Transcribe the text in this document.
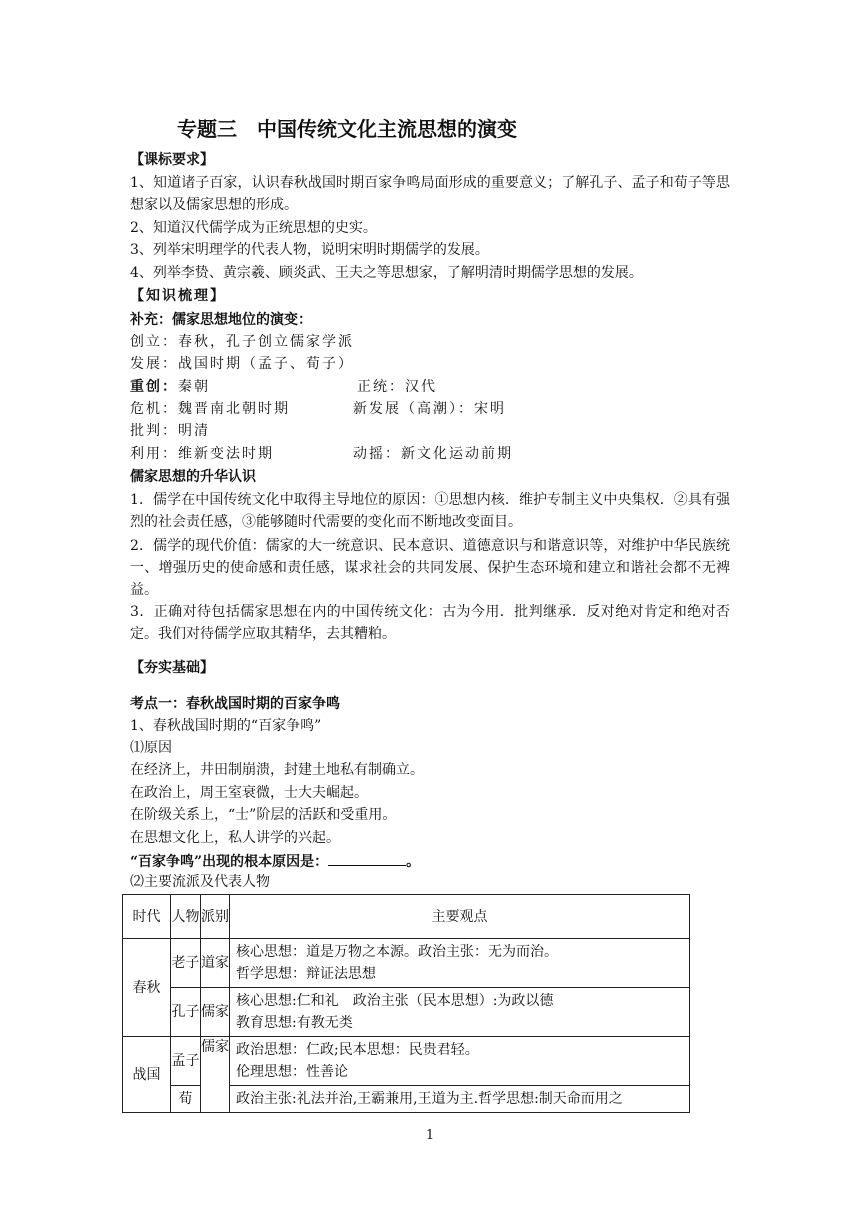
专题三　中国传统文化主流思想的演变
【课标要求】
1、知道诸子百家，认识春秋战国时期百家争鸣局面形成的重要意义；了解孔子、孟子和荀子等思想家以及儒家思想的形成。
2、知道汉代儒学成为正统思想的史实。
3、列举宋明理学的代表人物，说明宋明时期儒学的发展。
4、列举李贽、黄宗羲、顾炎武、王夫之等思想家，了解明清时期儒学思想的发展。
【知识梳理】
补充：儒家思想地位的演变：
创立：春秋，孔子创立儒家学派
发展：战国时期（孟子、荀子）
重创：秦朝	正统：汉代
危机：魏晋南北朝时期	新发展（高潮）：宋明
批判：明清
利用：维新变法时期	动摇：新文化运动前期
儒家思想的升华认识
1．儒学在中国传统文化中取得主导地位的原因：①思想内核．维护专制主义中央集权．②具有强烈的社会责任感，③能够随时代需要的变化而不断地改变面目。
2．儒学的现代价值：儒家的大一统意识、民本意识、道德意识与和谐意识等，对维护中华民族统一、增强历史的使命感和责任感，谋求社会的共同发展、保护生态环境和建立和谐社会都不无裨益。
3．正确对待包括儒家思想在内的中国传统文化：古为今用．批判继承．反对绝对肯定和绝对否定。我们对待儒学应取其精华，去其糟粕。
【夯实基础】
考点一：春秋战国时期的百家争鸣
1、春秋战国时期的“百家争鸣”
⑴原因
在经济上，井田制崩溃，封建土地私有制确立。
在政治上，周王室衰微，士大夫崛起。
在阶级关系上，“士”阶层的活跃和受重用。
在思想文化上，私人讲学的兴起。
“百家争鸣”出现的根本原因是：	。
⑵主要流派及代表人物
时代	人物	派别	主要观点
春秋	老子	道家	核心思想：道是万物之本源。政治主张：无为而治。
哲学思想：辩证法思想

	孔子	儒家	核心思想:仁和礼　政治主张（民本思想）:为政以德
教育思想:有教无类

战国	孟子	儒家	政治思想：仁政;民本思想：民贵君轻。
伦理思想：性善论

	荀		政治主张:礼法并治,王霸兼用,王道为主.哲学思想:制天命而用之
1
